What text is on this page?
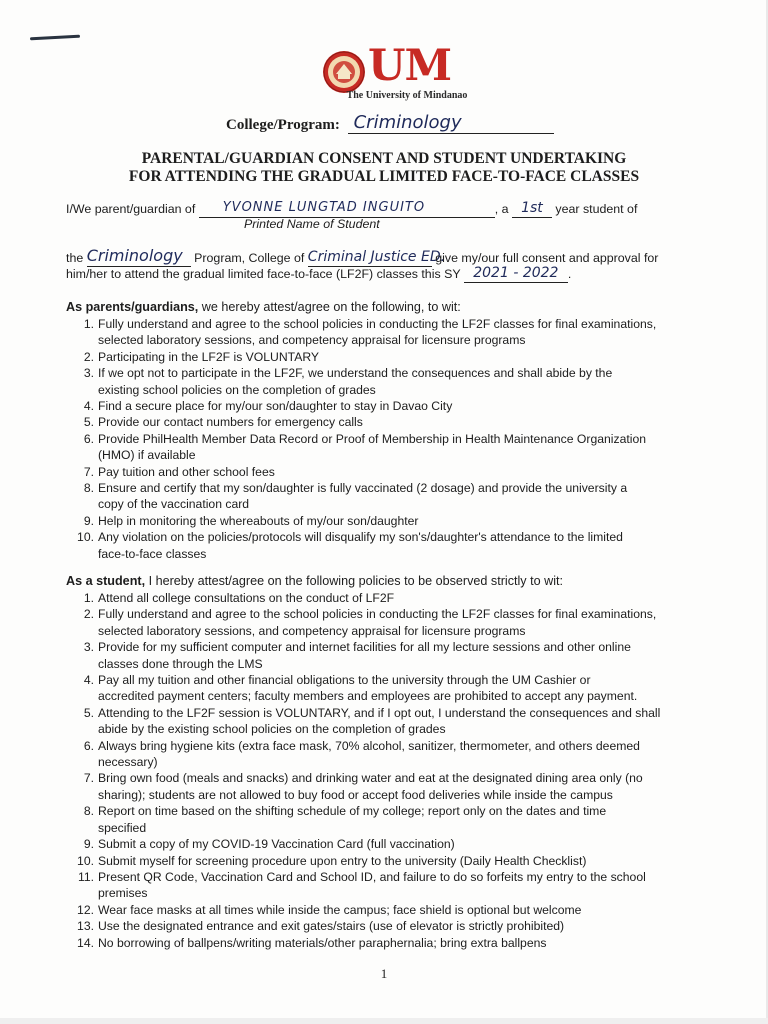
UM
The University of Mindanao
College/Program: Criminology
PARENTAL/GUARDIAN CONSENT AND STUDENT UNDERTAKING
FOR ATTENDING THE GRADUAL LIMITED FACE-TO-FACE CLASSES
I/We parent/guardian of YVONNE LUNGTAD INGUITO	, a 1st year student of
Printed Name of Student
the Criminology Program, College of Criminal Justice ED. give my/our full consent and approval for
him/her to attend the gradual limited face-to-face (LF2F) classes this SY 2021 - 2022 .
As parents/guardians, we hereby attest/agree on the following, to wit:
1. Fully understand and agree to the school policies in conducting the LF2F classes for final examinations,
selected laboratory sessions, and competency appraisal for licensure programs
2. Participating in the LF2F is VOLUNTARY
3. If we opt not to participate in the LF2F, we understand the consequences and shall abide by the
existing school policies on the completion of grades
4. Find a secure place for my/our son/daughter to stay in Davao City
5. Provide our contact numbers for emergency calls
6. Provide PhilHealth Member Data Record or Proof of Membership in Health Maintenance Organization
(HMO) if available
7. Pay tuition and other school fees
8. Ensure and certify that my son/daughter is fully vaccinated (2 dosage) and provide the university a
copy of the vaccination card
9. Help in monitoring the whereabouts of my/our son/daughter
10. Any violation on the policies/protocols will disqualify my son's/daughter's attendance to the limited
face-to-face classes
As a student, I hereby attest/agree on the following policies to be observed strictly to wit:
1. Attend all college consultations on the conduct of LF2F
2. Fully understand and agree to the school policies in conducting the LF2F classes for final examinations,
selected laboratory sessions, and competency appraisal for licensure programs
3. Provide for my sufficient computer and internet facilities for all my lecture sessions and other online
classes done through the LMS
4. Pay all my tuition and other financial obligations to the university through the UM Cashier or
accredited payment centers; faculty members and employees are prohibited to accept any payment.
5. Attending to the LF2F session is VOLUNTARY, and if I opt out, I understand the consequences and shall
abide by the existing school policies on the completion of grades
6. Always bring hygiene kits (extra face mask, 70% alcohol, sanitizer, thermometer, and others deemed
necessary)
7. Bring own food (meals and snacks) and drinking water and eat at the designated dining area only (no
sharing); students are not allowed to buy food or accept food deliveries while inside the campus
8. Report on time based on the shifting schedule of my college; report only on the dates and time
specified
9. Submit a copy of my COVID-19 Vaccination Card (full vaccination)
10. Submit myself for screening procedure upon entry to the university (Daily Health Checklist)
11. Present QR Code, Vaccination Card and School ID, and failure to do so forfeits my entry to the school
premises
12. Wear face masks at all times while inside the campus; face shield is optional but welcome
13. Use the designated entrance and exit gates/stairs (use of elevator is strictly prohibited)
14. No borrowing of ballpens/writing materials/other paraphernalia; bring extra ballpens
1
